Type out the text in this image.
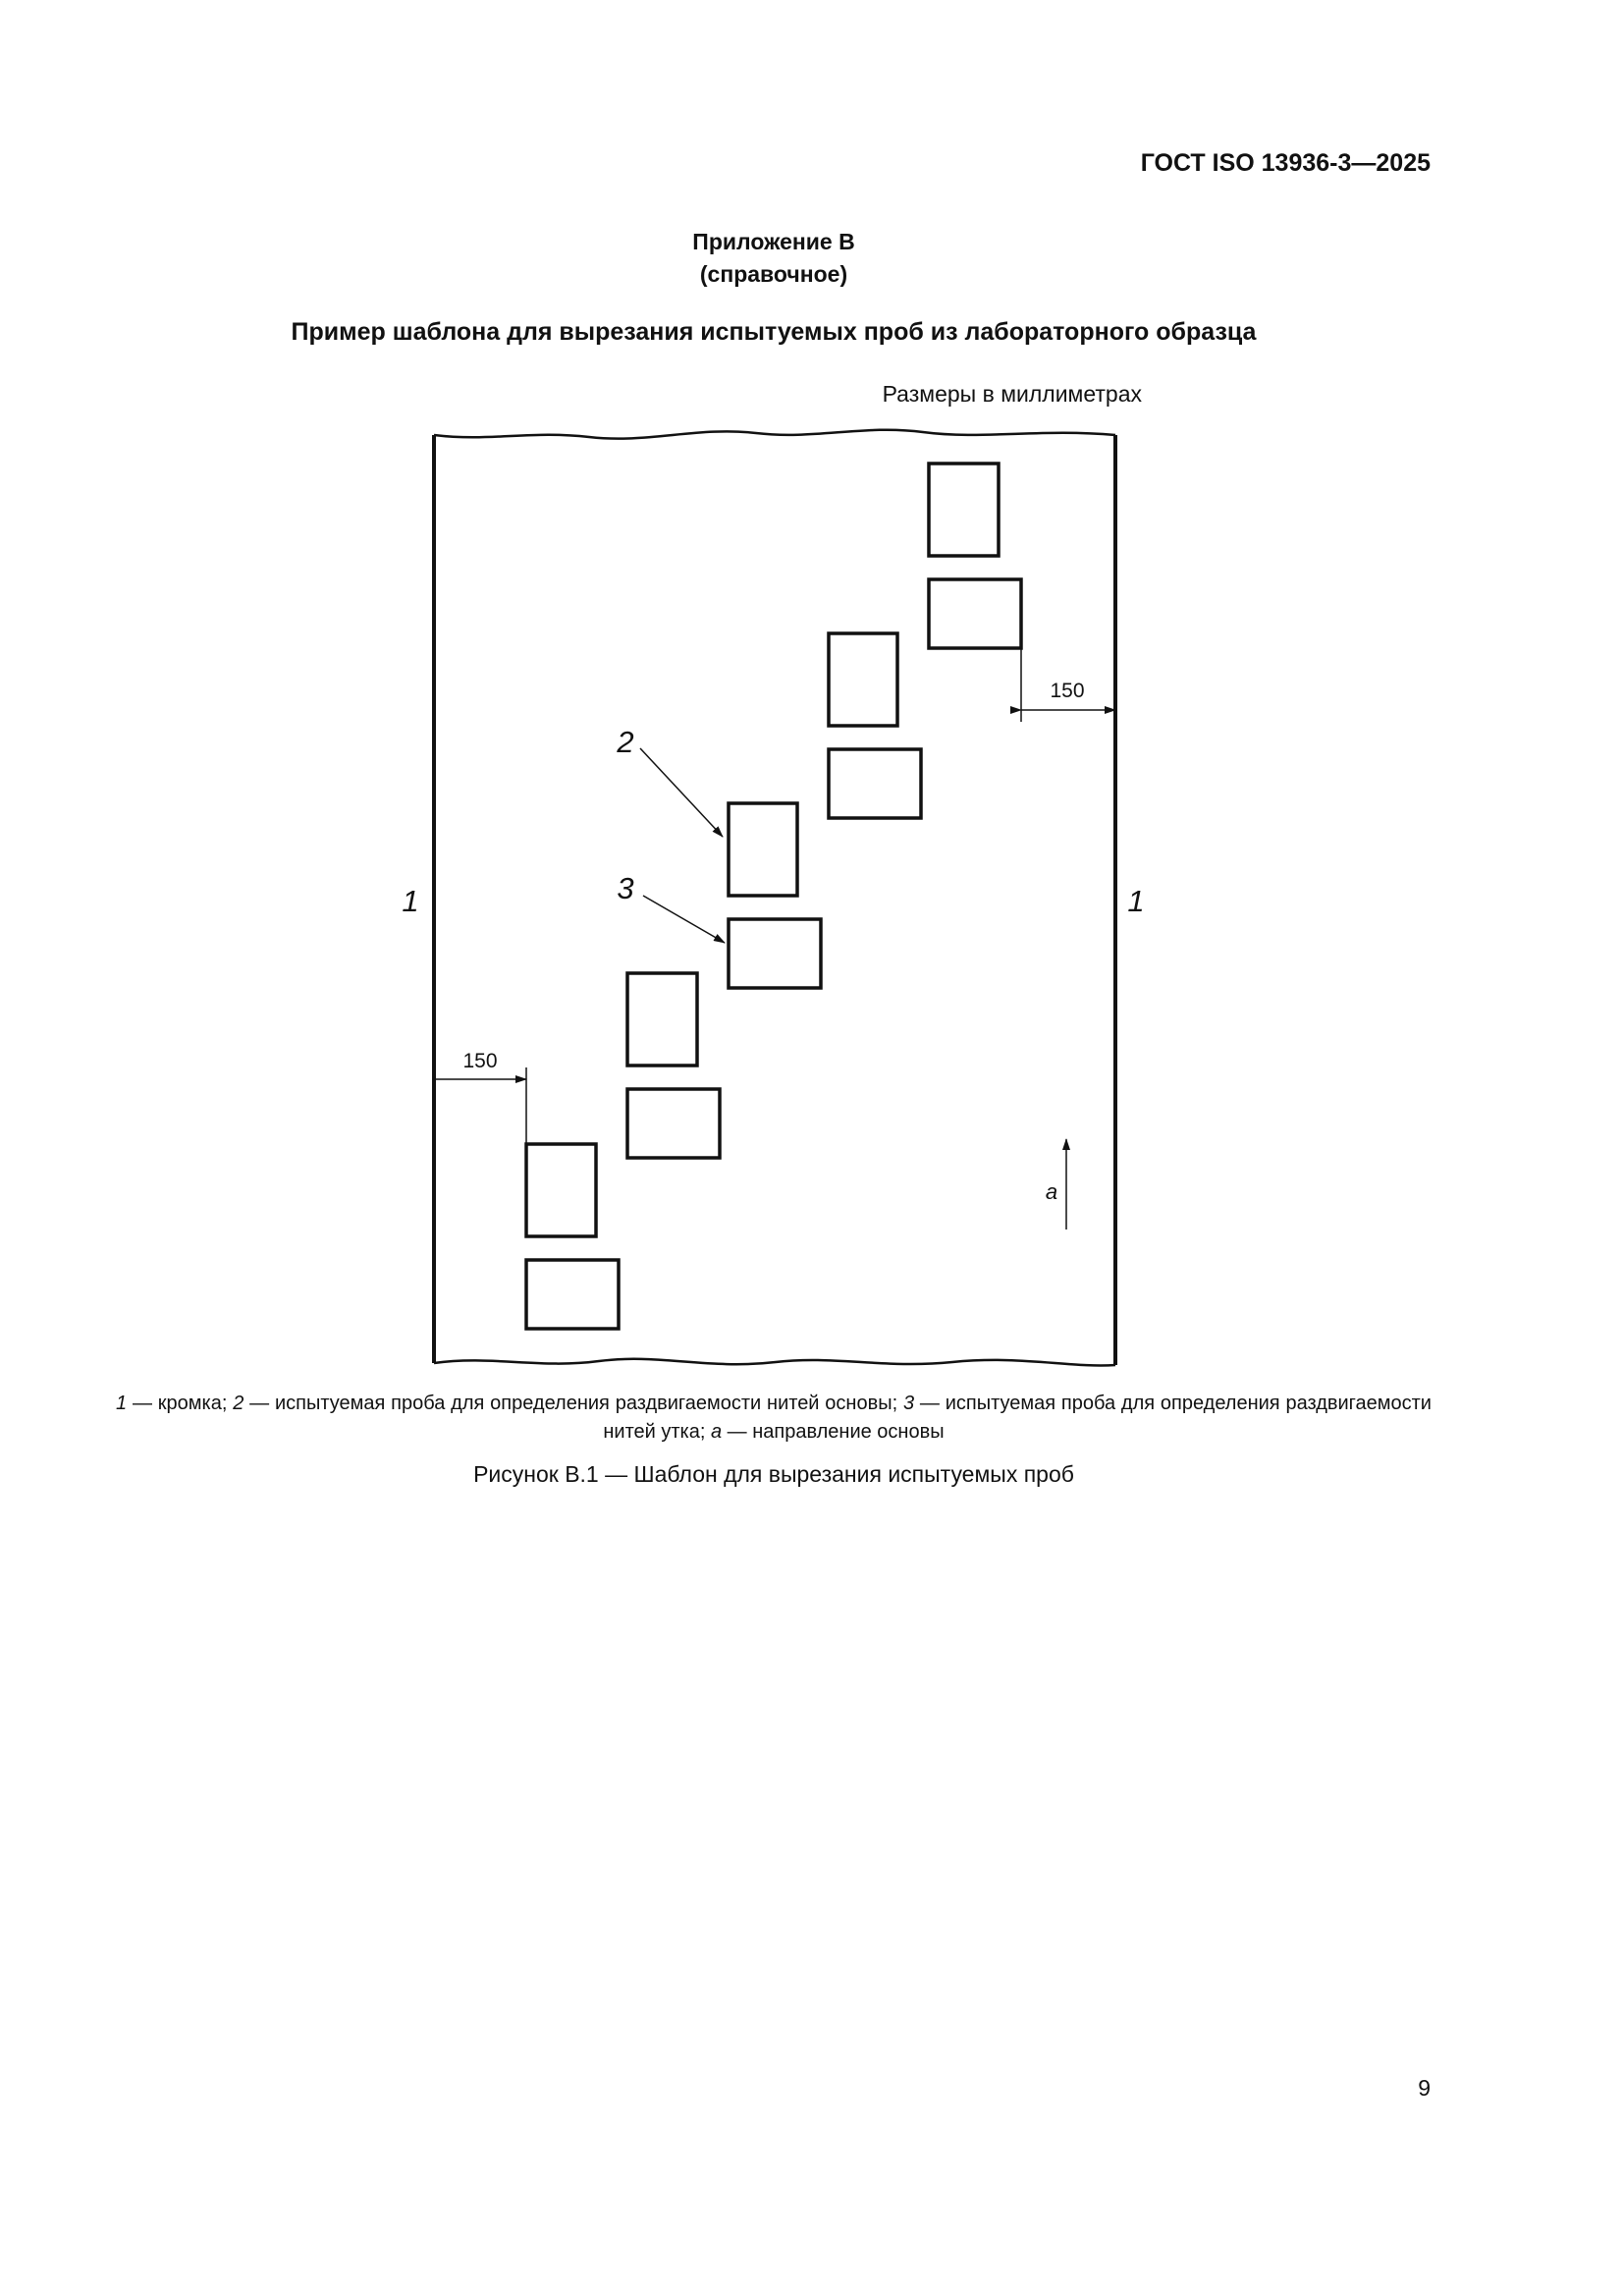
ГОСТ ISO 13936-3—2025
Приложение В
(справочное)
Пример шаблона для вырезания испытуемых проб из лабораторного образца
Размеры в миллиметрах
150
150
1	1
2
3
a
1 — кромка; 2 — испытуемая проба для определения раздвигаемости нитей основы; 3 — испытуемая проба для определения раздвигаемости нитей утка; a — направление основы
Рисунок В.1 — Шаблон для вырезания испытуемых проб
9
